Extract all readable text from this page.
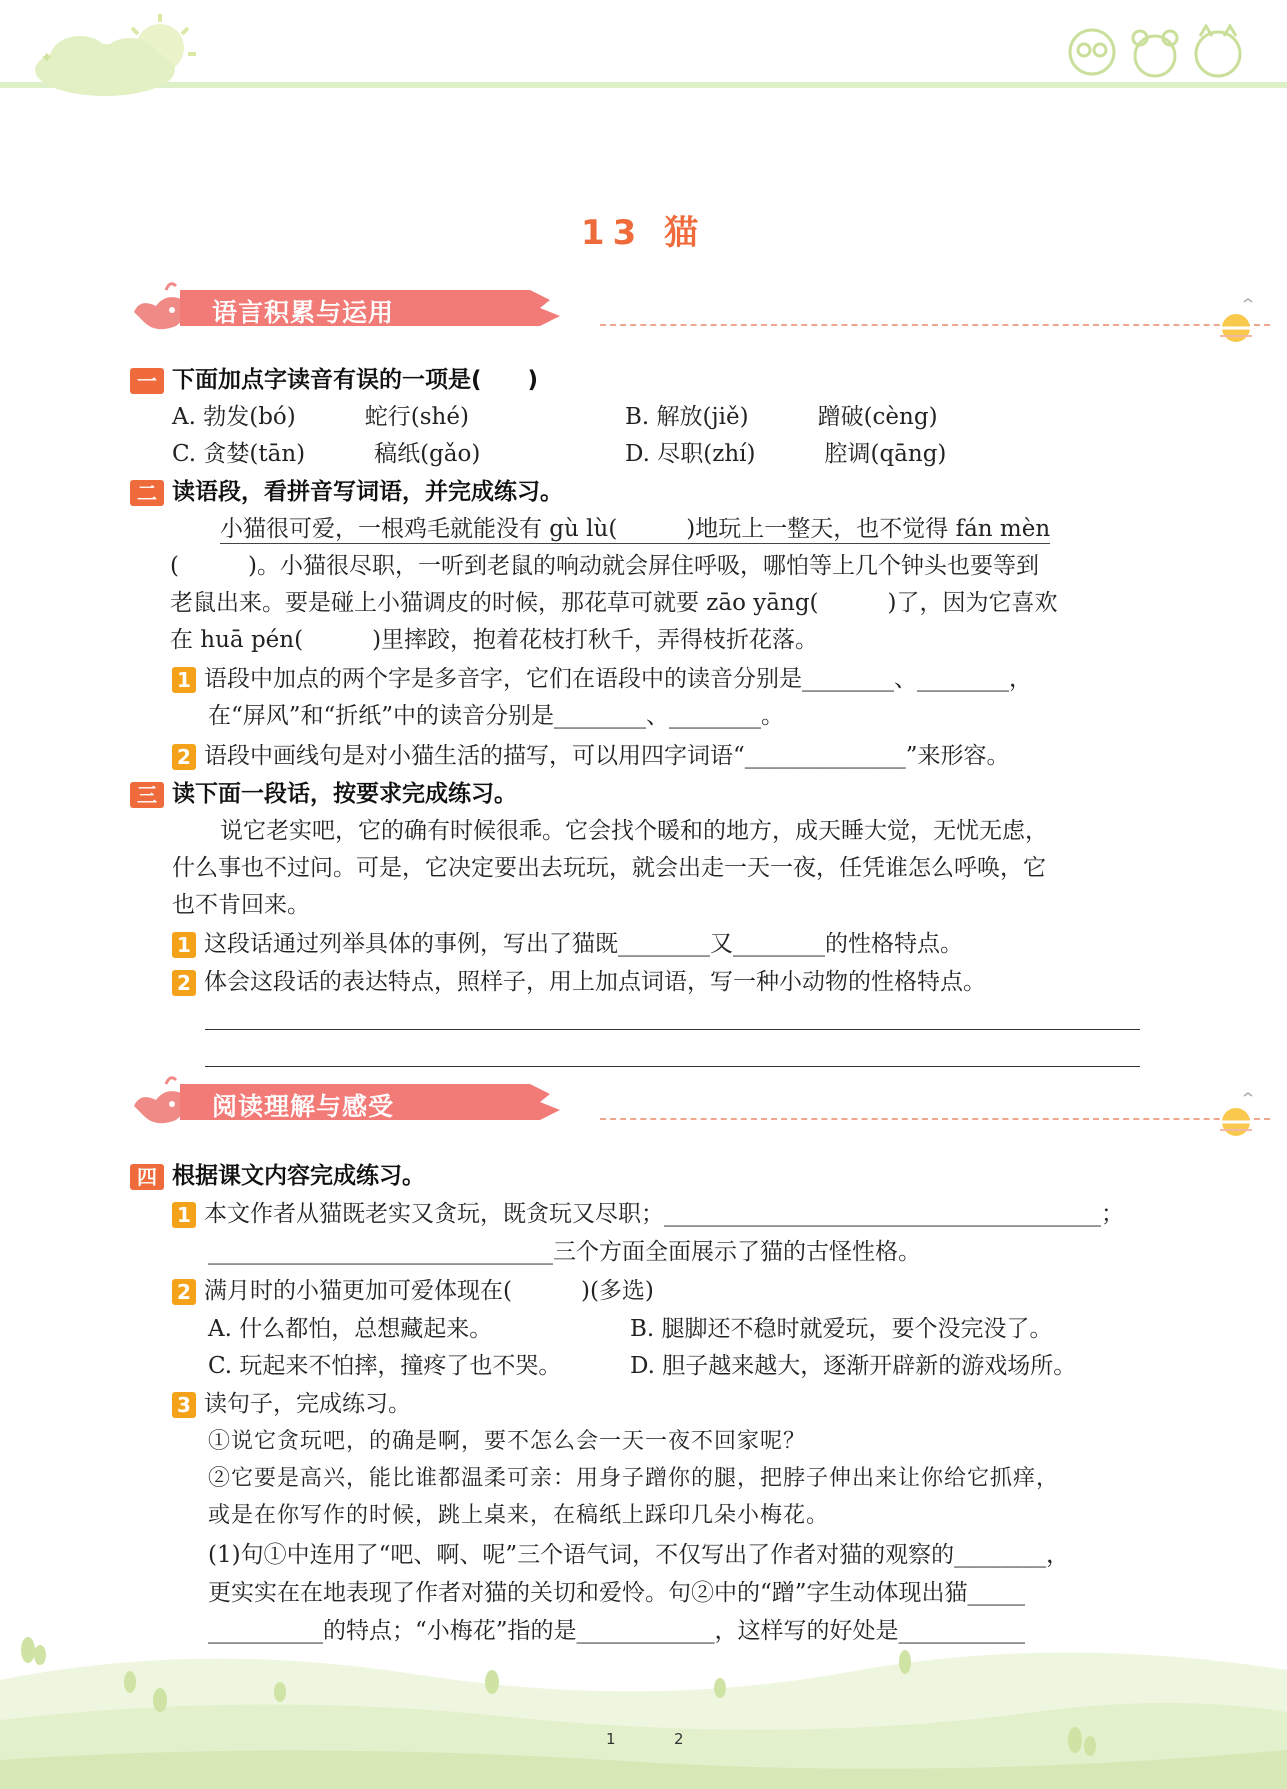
✦
13 猫
语言积累与运用
一 下面加点字读音有误的一项是(　　)
A. 勃发(bó)　　　蛇行(shé)	B. 解放(jiě)　　　蹭破(cèng)
C. 贪婪(tān)　　　稿纸(gǎo)	D. 尽职(zhí)　　　腔调(qāng)
二 读语段，看拼音写词语，并完成练习。
小猫很可爱，一根鸡毛就能没有 gù lù(　　　)地玩上一整天，也不觉得 fán mèn
(　　　)。小猫很尽职，一听到老鼠的响动就会屏住呼吸，哪怕等上几个钟头也要等到
老鼠出来。要是碰上小猫调皮的时候，那花草可就要 zāo yāng(　　　)了，因为它喜欢
在 huā pén(　　　)里摔跤，抱着花枝打秋千，弄得枝折花落。
1 语段中加点的两个字是多音字，它们在语段中的读音分别是________、________，
在“屏风”和“折纸”中的读音分别是________、________。
2 语段中画线句是对小猫生活的描写，可以用四字词语“______________”来形容。
三 读下面一段话，按要求完成练习。
说它老实吧，它的确有时候很乖。它会找个暖和的地方，成天睡大觉，无忧无虑，
什么事也不过问。可是，它决定要出去玩玩，就会出走一天一夜，任凭谁怎么呼唤，它
也不肯回来。
1 这段话通过列举具体的事例，写出了猫既________又________的性格特点。
2 体会这段话的表达特点，照样子，用上加点词语，写一种小动物的性格特点。
阅读理解与感受
四 根据课文内容完成练习。
1 本文作者从猫既老实又贪玩，既贪玩又尽职；______________________________________；
______________________________三个方面全面展示了猫的古怪性格。
2 满月时的小猫更加可爱体现在(　　　)(多选)
A. 什么都怕，总想藏起来。	B. 腿脚还不稳时就爱玩，要个没完没了。
C. 玩起来不怕摔，撞疼了也不哭。	D. 胆子越来越大，逐渐开辟新的游戏场所。
3 读句子，完成练习。
①说它贪玩吧，的确是啊，要不怎么会一天一夜不回家呢？
②它要是高兴，能比谁都温柔可亲：用身子蹭你的腿，把脖子伸出来让你给它抓痒，
或是在你写作的时候，跳上桌来，在稿纸上踩印几朵小梅花。
(1)句①中连用了“吧、啊、呢”三个语气词，不仅写出了作者对猫的观察的________，
更实实在在地表现了作者对猫的关切和爱怜。句②中的“蹭”字生动体现出猫_____
__________的特点；“小梅花”指的是____________，这样写的好处是___________
1	2
